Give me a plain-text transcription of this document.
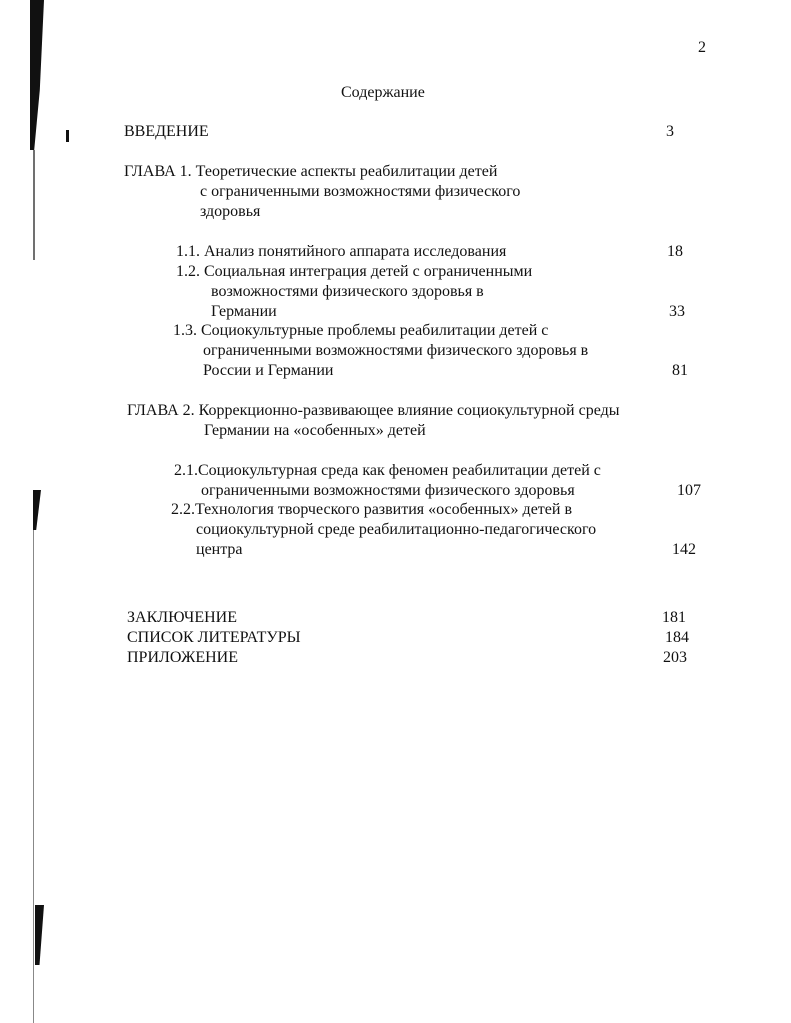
2
Содержание
ВВЕДЕНИЕ	3
ГЛАВА 1. Теоретические аспекты реабилитации детей
с ограниченными возможностями физического
здоровья
1.1. Анализ понятийного аппарата исследования	18
1.2. Социальная интеграция детей с ограниченными
возможностями физического здоровья в
Германии	33
1.3. Социокультурные проблемы реабилитации детей с
ограниченными возможностями физического здоровья в
России и Германии	81
ГЛАВА 2. Коррекционно-развивающее влияние социокультурной среды
Германии на «особенных» детей
2.1.Социокультурная среда как феномен реабилитации детей с
ограниченными возможностями физического здоровья	107
2.2.Технология творческого развития «особенных» детей в
социокультурной среде реабилитационно-педагогического
центра	142
ЗАКЛЮЧЕНИЕ	181
СПИСОК ЛИТЕРАТУРЫ	184
ПРИЛОЖЕНИЕ	203
